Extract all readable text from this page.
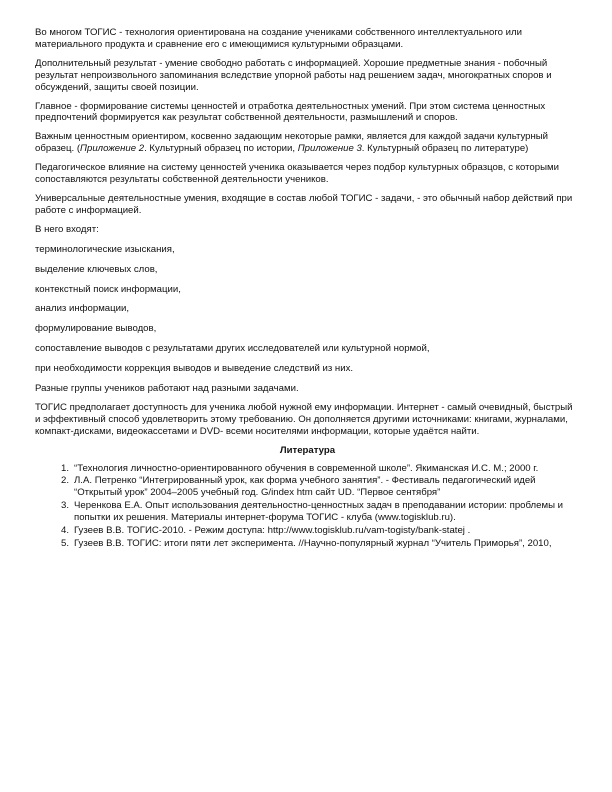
Во многом ТОГИС - технология ориентирована на создание учениками собственного интеллектуального или материального продукта и сравнение его с имеющимися культурными образцами.

Дополнительный результат - умение свободно работать с информацией. Хорошие предметные знания - побочный результат непроизвольного запоминания вследствие упорной работы над решением задач, многократных споров и обсуждений, защиты своей позиции.

Главное - формирование системы ценностей и отработка деятельностных умений. При этом система ценностных предпочтений формируется как результат собственной деятельности, размышлений и споров.

Важным ценностным ориентиром, косвенно задающим некоторые рамки, является для каждой задачи культурный образец. (Приложение 2. Культурный образец по истории, Приложение 3. Культурный образец по литературе)

Педагогическое влияние на систему ценностей ученика оказывается через подбор культурных образцов, с которыми сопоставляются результаты собственной деятельности учеников.

Универсальные деятельностные умения, входящие в состав любой ТОГИС - задачи, - это обычный набор действий при работе с информацией.

В него входят:

терминологические изыскания,

выделение ключевых слов,

контекстный поиск информации,

анализ информации,

формулирование выводов,

сопоставление выводов с результатами других исследователей или культурной нормой,

при необходимости коррекция выводов и выведение следствий из них.

Разные группы учеников работают над разными задачами.

ТОГИС предполагает доступность для ученика любой нужной ему информации. Интернет - самый очевидный, быстрый и эффективный способ удовлетворить этому требованию. Он дополняется другими источниками: книгами, журналами, компакт-дисками, видеокассетами и DVD- всеми носителями информации, которые удаётся найти.

Литература
1. “Технология личностно-ориентированного обучения в современной школе”. Якиманская И.С. М.; 2000 г.
2. Л.А. Петренко “Интегрированный урок, как форма учебного занятия”. - Фестиваль педагогический идей “Открытый урок” 2004–2005 учебный год. G/index htm сайт UD. “Первое сентября”
3. Черенкова Е.А. Опыт использования деятельностно-ценностных задач в преподавании истории: проблемы и попытки их решения. Материалы интернет-форума ТОГИС - клуба (www.togisklub.ru).
4. Гузеев В.В. ТОГИС-2010. - Режим доступа: http://www.togisklub.ru/vam-togisty/bank-statej .
5. Гузеев В.В. ТОГИС: итоги пяти лет эксперимента. //Научно-популярный журнал “Учитель Приморья”, 2010,
